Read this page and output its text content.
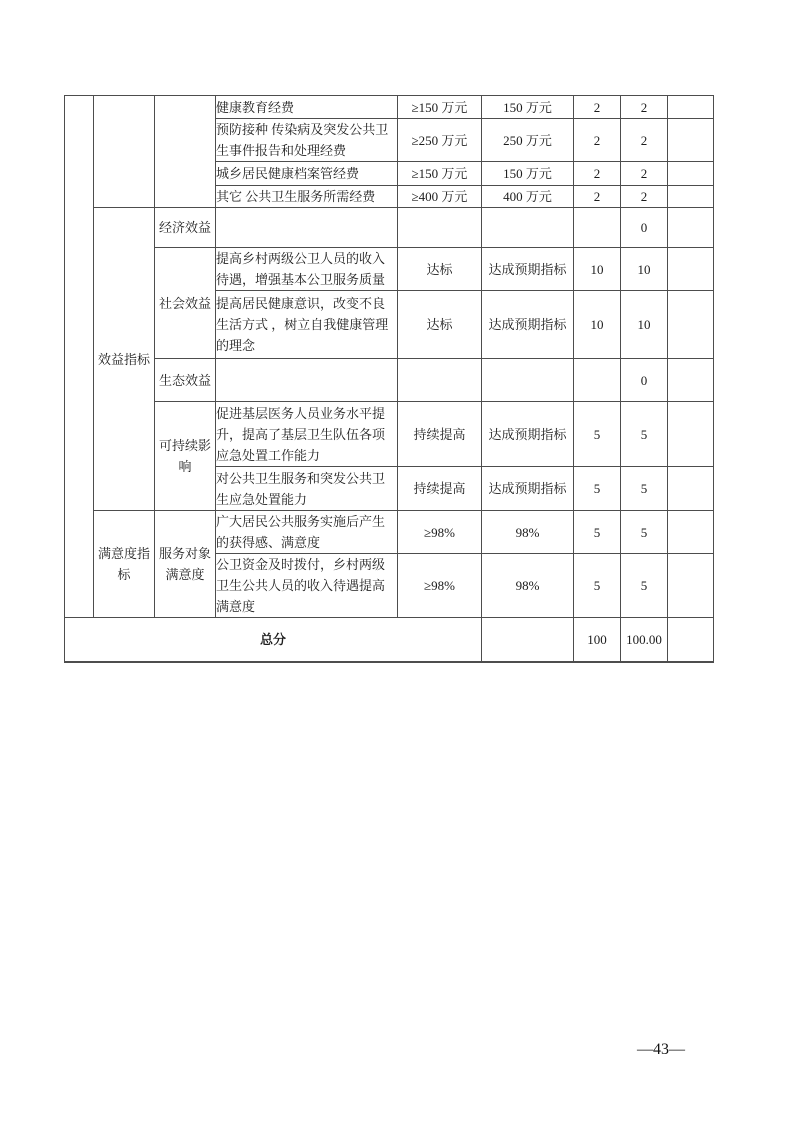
			健康教育经费	≥150 万元	150 万元	2	2	
			预防接种 传染病及突发公共卫生事件报告和处理经费	≥250 万元	250 万元	2	2	
			城乡居民健康档案管经费	≥150 万元	150 万元	2	2	
			其它 公共卫生服务所需经费	≥400 万元	400 万元	2	2	
	效益指标	经济效益					0	
		社会效益	提高乡村两级公卫人员的收入待遇，增强基本公卫服务质量	达标	达成预期指标	10	10	
			提高居民健康意识，改变不良生活方式 ，树立自我健康管理的理念	达标	达成预期指标	10	10	
		生态效益					0	
		可持续影响	促进基层医务人员业务水平提升，提高了基层卫生队伍各项应急处置工作能力	持续提高	达成预期指标	5	5	
			对公共卫生服务和突发公共卫生应急处置能力	持续提高	达成预期指标	5	5	
	满意度指标	服务对象满意度	广大居民公共服务实施后产生的获得感、满意度	≥98%	98%	5	5	
			公卫资金及时拨付，乡村两级卫生公共人员的收入待遇提高满意度	≥98%	98%	5	5	
总分						100	100.00	
—43—
